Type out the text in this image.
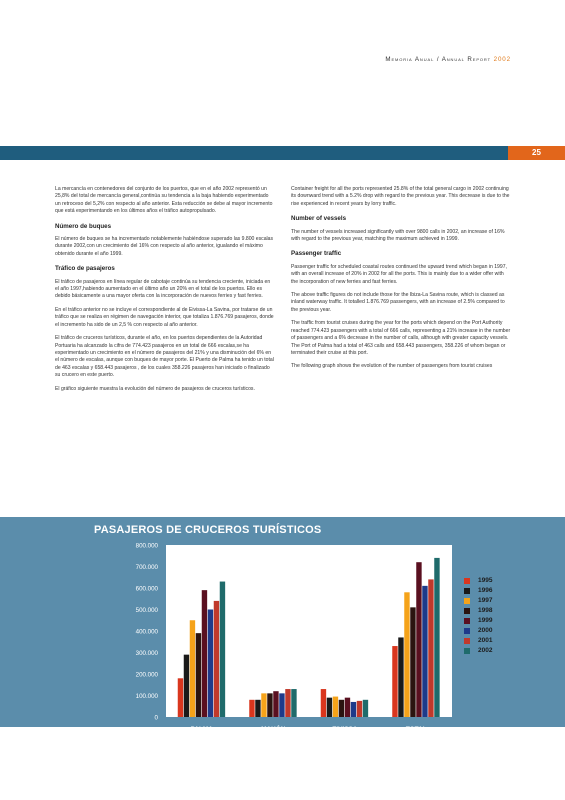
Memoria Anual / Annual Report 2002
25

La mercancía en contenedores del conjunto de los puertos, que en el año 2002 representó un 25,8% del total de mercancía general,continúa su tendencia a la baja habiendo experimentado un retroceso del 5,2% con respecto al año anterior. Esta reducción se debe al mayor incremento que está experimentando en los últimos años el tráfico autopropulsado.

Número de buques

El número de buques se ha incrementado notablemente habiéndose superado las 9.800 escalas durante 2002,con un crecimiento del 16% con respecto al año anterior, igualando el máximo obtenido durante el año 1999.

Tráfico de pasajeros

El tráfico de pasajeros en línea regular de cabotaje continúa su tendencia creciente, iniciada en el año 1997,habiendo aumentado en el último año un 20% en el total de los puertos. Ello es debido básicamente a una mayor oferta con la incorporación de nuevos ferries y fast ferries.

En el tráfico anterior no se incluye el correspondiente al de Eivissa-La Savina, por tratarse de un tráfico que se realiza en régimen de navegación interior, que totaliza 1.876.769 pasajeros, donde el incremento ha sido de un 2,5 % con respecto al año anterior.

El tráfico de cruceros turísticos, durante el año, en los puertos dependientes de la Autoridad Portuaria ha alcanzado la cifra de 774.423 pasajeros en un total de 666 escalas,se ha experimentado un crecimiento en el número de pasajeros del 21% y una disminución del 6% en el número de escalas, aunque con buques de mayor porte. El Puerto de Palma ha tenido un total de 463 escalas y 658.443 pasajeros , de los cuales 358.226 pasajeros han iniciado o finalizado su crucero en este puerto.

El gráfico siguiente muestra la evolución del número de pasajeros de cruceros turísticos.

Container freight for all the ports represented 25.8% of the total general cargo in 2002 continuing its downward trend with a 5.2% drop with regard to the previous year. This decrease is due to the rise experienced in recent years by lorry traffic.

Number of vessels

The number of vessels increased significantly with over 9800 calls in 2002, an increase of 16% with regard to the previous year, matching the maximum achieved in 1999.

Passenger traffic

Passenger traffic for scheduled coastal routes continued the upward trend which began in 1997, with an overall increase of 20% in 2002 for all the ports. This is mainly due to a wider offer with the incorporation of new ferries and fast ferries.

The above traffic figures do not include those for the Ibiza-La Savina route, which is classed as inland waterway traffic. It totalled 1.876.769 passengers, with an increase of 2.5% compared to the previous year.

The traffic from tourist cruises during the year for the ports which depend on the Port Authority reached 774.423 passengers with a total of 666 calls, representing a 21% increase in the number of passengers and a 6% decrease in the number of calls, although with greater capacity vessels. The Port of Palma had a total of 463 calls and 658.443 passengers, 358.226 of whom began or terminated their cruise at this port.

The following graph shows the evolution of the number of passengers from tourist cruises

PASAJEROS DE CRUCEROS TURÍSTICOS
0
100.000
200.000
300.000
400.000
500.000
600.000
700.000
800.000
PALMA	MAHÓN	EIVISSA	TOTAL
1995
1996
1997
1998
1999
2000
2001
2002
